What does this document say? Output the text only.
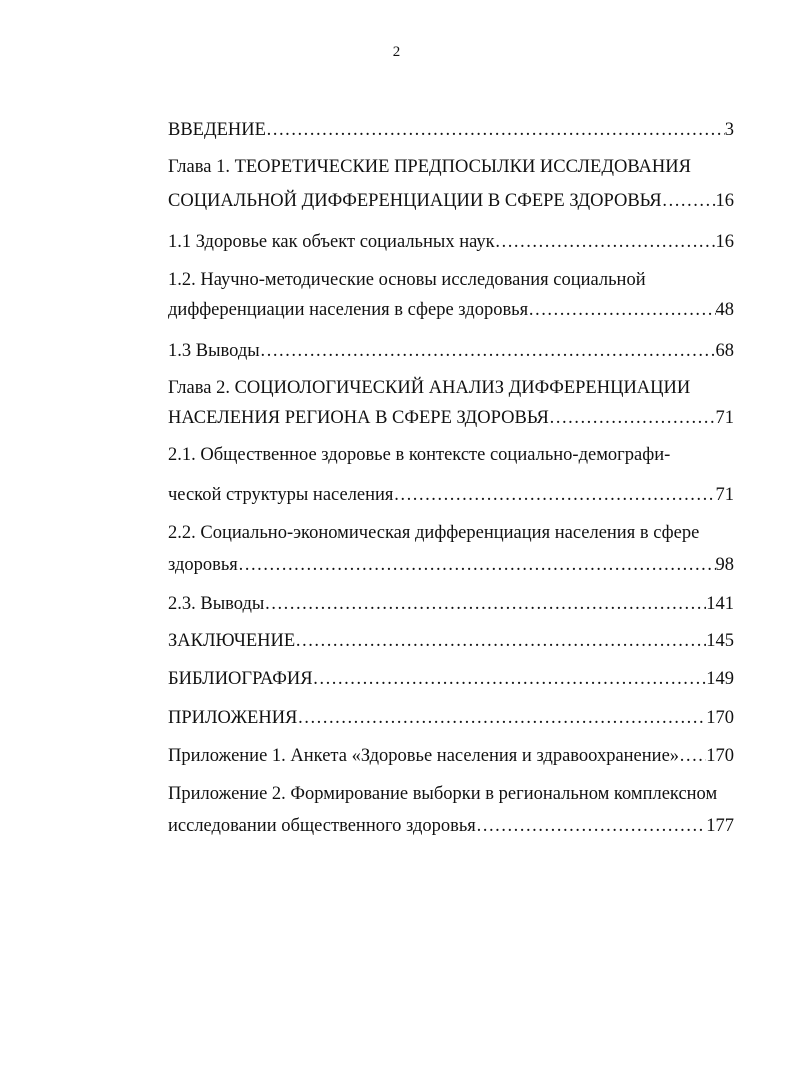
2
ВВЕДЕНИЕ …………………………………………………………………………………………………………………………………………………………………………	3
Глава 1. ТЕОРЕТИЧЕСКИЕ ПРЕДПОСЫЛКИ ИССЛЕДОВАНИЯ
СОЦИАЛЬНОЙ ДИФФЕРЕНЦИАЦИИ В СФЕРЕ ЗДОРОВЬЯ …………………………………………………………………………………………………………………………………………………………………………	16
1.1 Здоровье как объект социальных наук …………………………………………………………………………………………………………………………………………………………………………	16
1.2. Научно-методические основы исследования социальной
дифференциации населения в сфере здоровья …………………………………………………………………………………………………………………………………………………………………………	48
1.3 Выводы …………………………………………………………………………………………………………………………………………………………………………	68
Глава 2. СОЦИОЛОГИЧЕСКИЙ АНАЛИЗ ДИФФЕРЕНЦИАЦИИ
НАСЕЛЕНИЯ РЕГИОНА В СФЕРЕ ЗДОРОВЬЯ …………………………………………………………………………………………………………………………………………………………………………	71
2.1. Общественное здоровье в контексте социально-демографи-
ческой структуры населения …………………………………………………………………………………………………………………………………………………………………………	71
2.2. Социально-экономическая дифференциация населения в сфере
здоровья …………………………………………………………………………………………………………………………………………………………………………	98
2.3. Выводы …………………………………………………………………………………………………………………………………………………………………………	141
ЗАКЛЮЧЕНИЕ …………………………………………………………………………………………………………………………………………………………………………	145
БИБЛИОГРАФИЯ …………………………………………………………………………………………………………………………………………………………………………	149
ПРИЛОЖЕНИЯ …………………………………………………………………………………………………………………………………………………………………………	170
Приложение 1. Анкета «Здоровье населения и здравоохранение» ………………………………………………………………………………………………………………………………………………………………………… 170
Приложение 2. Формирование выборки в региональном комплексном
исследовании общественного здоровья …………………………………………………………………………………………………………………………………………………………………………	177
